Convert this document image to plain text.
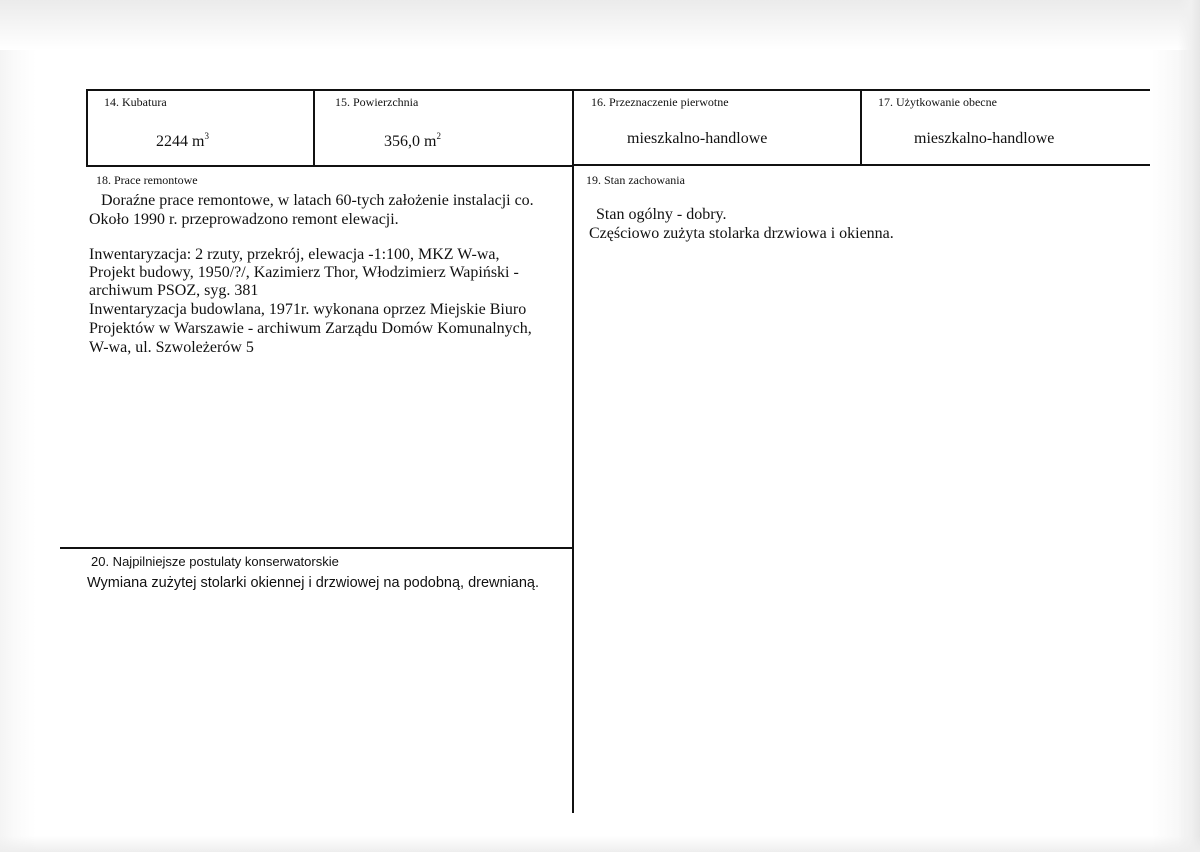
14. Kubatura
2244 $m^3$
15. Powierzchnia
356,0 $m^2$
16. Przeznaczenie pierwotne
mieszkalno-handlowe
17. Użytkowanie obecne
mieszkalno-handlowe
18. Prace remontowe
Doraźne prace remontowe, w latach 60-tych założenie instalacji co.
Około 1990 r. przeprowadzono remont elewacji.
Inwentaryzacja: 2 rzuty, przekrój, elewacja -1:100, MKZ W-wa,
Projekt budowy, 1950/?/, Kazimierz Thor, Włodzimierz Wapiński -
archiwum PSOZ, syg. 381
Inwentaryzacja budowlana, 1971r. wykonana oprzez Miejskie Biuro
Projektów w Warszawie - archiwum Zarządu Domów Komunalnych,
W-wa, ul. Szwoleżerów 5
19. Stan zachowania
Stan ogólny - dobry.
Częściowo zużyta stolarka drzwiowa i okienna.
20. Najpilniejsze postulaty konserwatorskie
Wymiana zużytej stolarki okiennej i drzwiowej na podobną, drewnianą.
